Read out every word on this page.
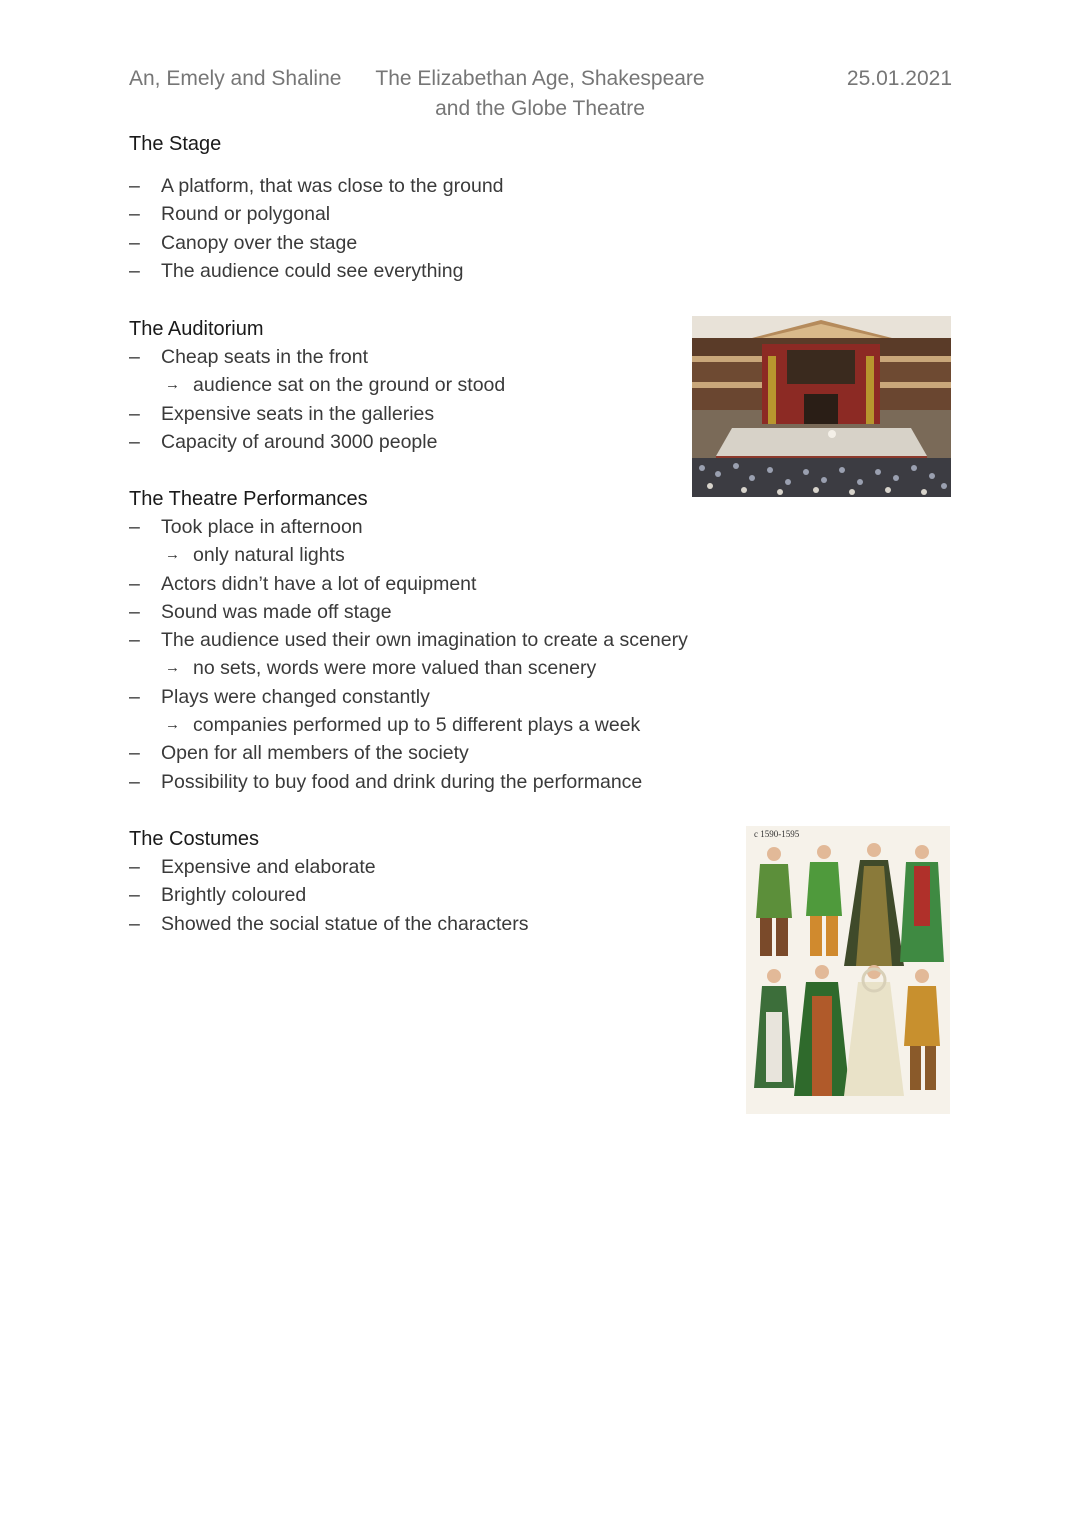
An, Emely and Shaline	The Elizabethan Age, Shakespeare
and the Globe Theatre
25.01.2021
The Stage
– A platform, that was close to the ground
– Round or polygonal
– Canopy over the stage
– The audience could see everything
The Auditorium
– Cheap seats in the front
→ audience sat on the ground or stood
– Expensive seats in the galleries
– Capacity of around 3000 people
The Theatre Performances
– Took place in afternoon
→ only natural lights
– Actors didn’t have a lot of equipment
– Sound was made off stage
– The audience used their own imagination to create a scenery
→ no sets, words were more valued than scenery
– Plays were changed constantly
→ companies performed up to 5 different plays a week
– Open for all members of the society
– Possibility to buy food and drink during the performance
The Costumes
– Expensive and elaborate
– Brightly coloured
– Showed the social statue of the characters
c 1590-1595
